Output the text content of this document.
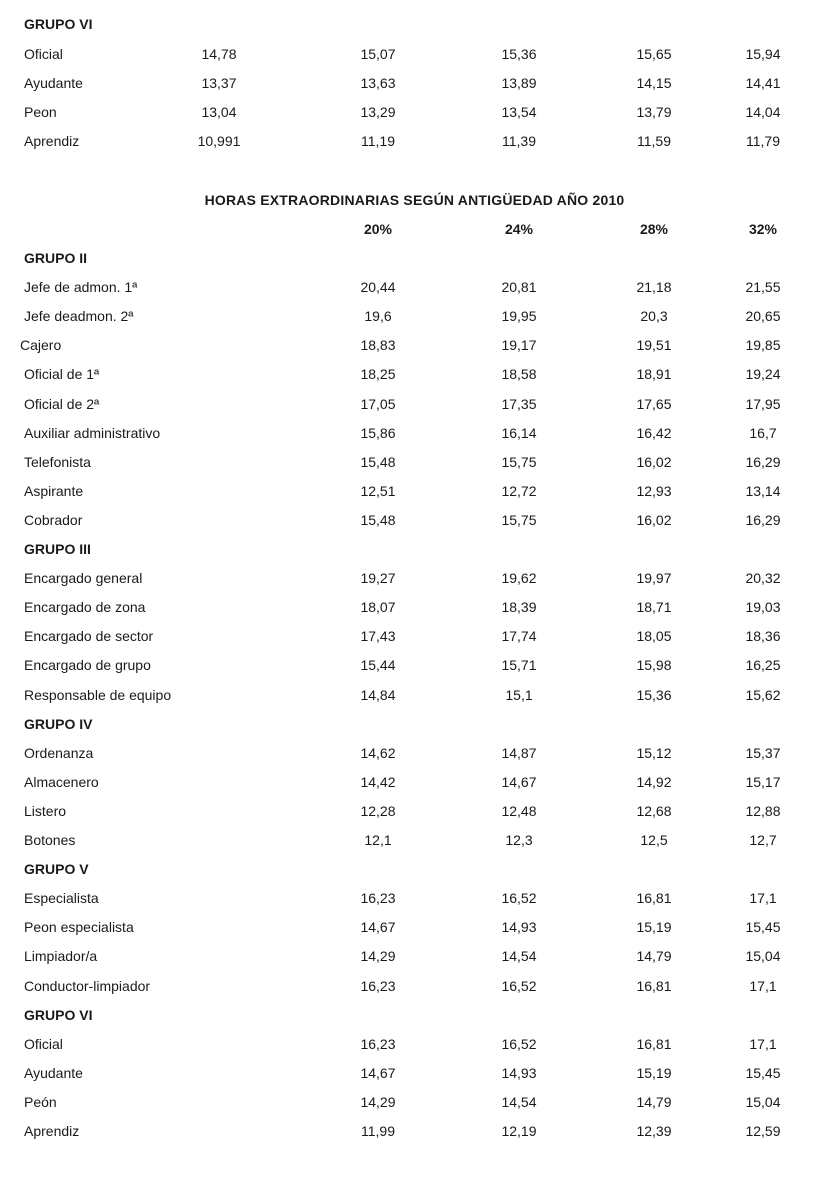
GRUPO VI
Oficial	14,78	15,07	15,36	15,65	15,94
Ayudante	13,37	13,63	13,89	14,15	14,41
Peon	13,04	13,29	13,54	13,79	14,04
Aprendiz	10,991	11,19	11,39	11,59	11,79
HORAS EXTRAORDINARIAS SEGÚN ANTIGÜEDAD AÑO 2010
20%	24%	28%	32%
GRUPO II
Jefe de admon. 1ª	20,44	20,81	21,18	21,55
Jefe deadmon. 2ª	19,6	19,95	20,3	20,65
Cajero	18,83	19,17	19,51	19,85
Oficial de 1ª	18,25	18,58	18,91	19,24
Oficial de 2ª	17,05	17,35	17,65	17,95
Auxiliar administrativo	15,86	16,14	16,42	16,7
Telefonista	15,48	15,75	16,02	16,29
Aspirante	12,51	12,72	12,93	13,14
Cobrador	15,48	15,75	16,02	16,29
GRUPO III
Encargado general	19,27	19,62	19,97	20,32
Encargado de zona	18,07	18,39	18,71	19,03
Encargado de sector	17,43	17,74	18,05	18,36
Encargado de grupo	15,44	15,71	15,98	16,25
Responsable de equipo	14,84	15,1	15,36	15,62
GRUPO IV
Ordenanza	14,62	14,87	15,12	15,37
Almacenero	14,42	14,67	14,92	15,17
Listero	12,28	12,48	12,68	12,88
Botones	12,1	12,3	12,5	12,7
GRUPO V
Especialista	16,23	16,52	16,81	17,1
Peon especialista	14,67	14,93	15,19	15,45
Limpiador/a	14,29	14,54	14,79	15,04
Conductor-limpiador	16,23	16,52	16,81	17,1
GRUPO VI
Oficial	16,23	16,52	16,81	17,1
Ayudante	14,67	14,93	15,19	15,45
Peón	14,29	14,54	14,79	15,04
Aprendiz	11,99	12,19	12,39	12,59
